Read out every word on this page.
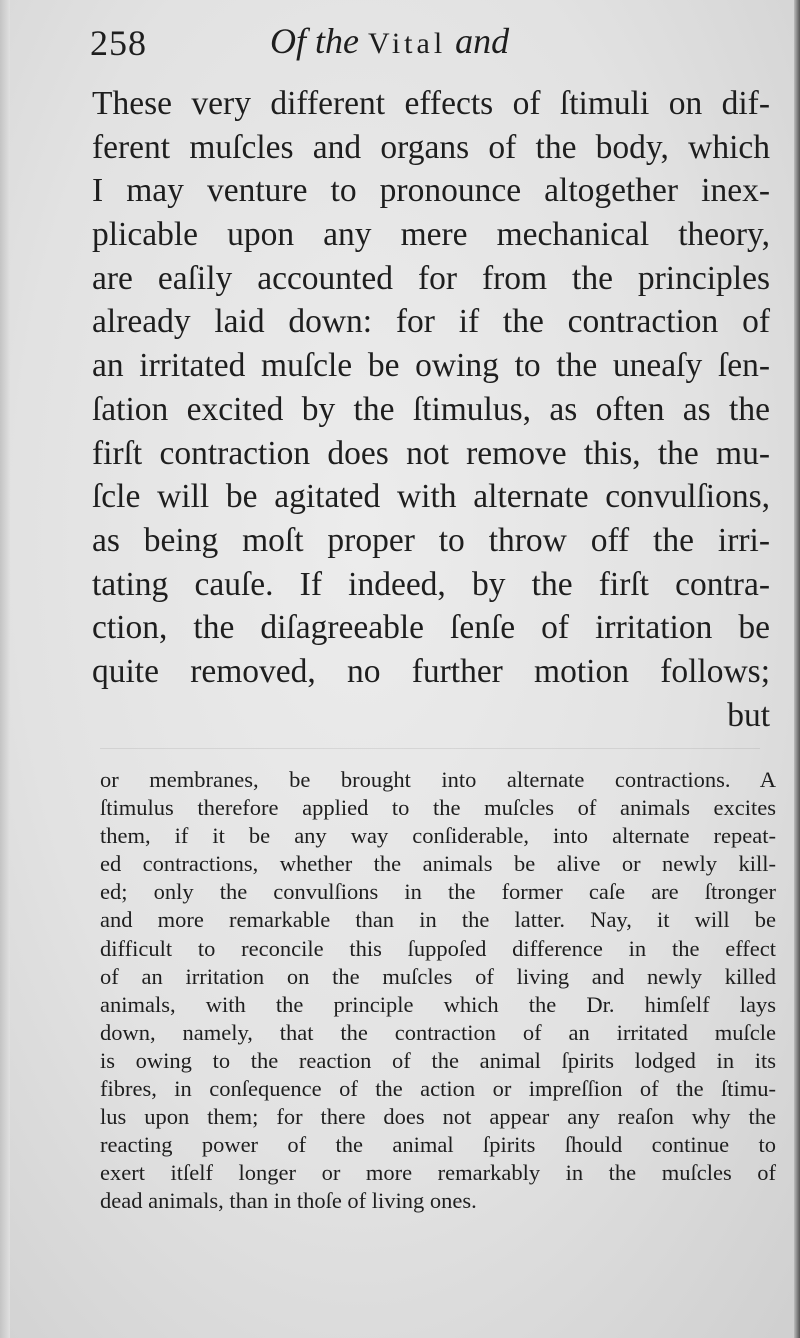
258	Of the Vital and
These very different effects of ſtimuli on dif-
ferent muſcles and organs of the body, which
I may venture to pronounce altogether inex-
plicable upon any mere mechanical theory,
are eaſily accounted for from the principles
already laid down: for if the contraction of
an irritated muſcle be owing to the uneaſy ſen-
ſation excited by the ſtimulus, as often as the
firſt contraction does not remove this, the mu-
ſcle will be agitated with alternate convulſions,
as being moſt proper to throw off the irri-
tating cauſe. If indeed, by the firſt contra-
ction, the diſagreeable ſenſe of irritation be
quite removed, no further motion follows;
but
or membranes, be brought into alternate contractions. A
ſtimulus therefore applied to the muſcles of animals excites
them, if it be any way conſiderable, into alternate repeat-
ed contractions, whether the animals be alive or newly kill-
ed; only the convulſions in the former caſe are ſtronger
and more remarkable than in the latter. Nay, it will be
difficult to reconcile this ſuppoſed difference in the effect
of an irritation on the muſcles of living and newly killed
animals, with the principle which the Dr. himſelf lays
down, namely, that the contraction of an irritated muſcle
is owing to the reaction of the animal ſpirits lodged in its
fibres, in conſequence of the action or impreſſion of the ſtimu-
lus upon them; for there does not appear any reaſon why the
reacting power of the animal ſpirits ſhould continue to
exert itſelf longer or more remarkably in the muſcles of
dead animals, than in thoſe of living ones.
